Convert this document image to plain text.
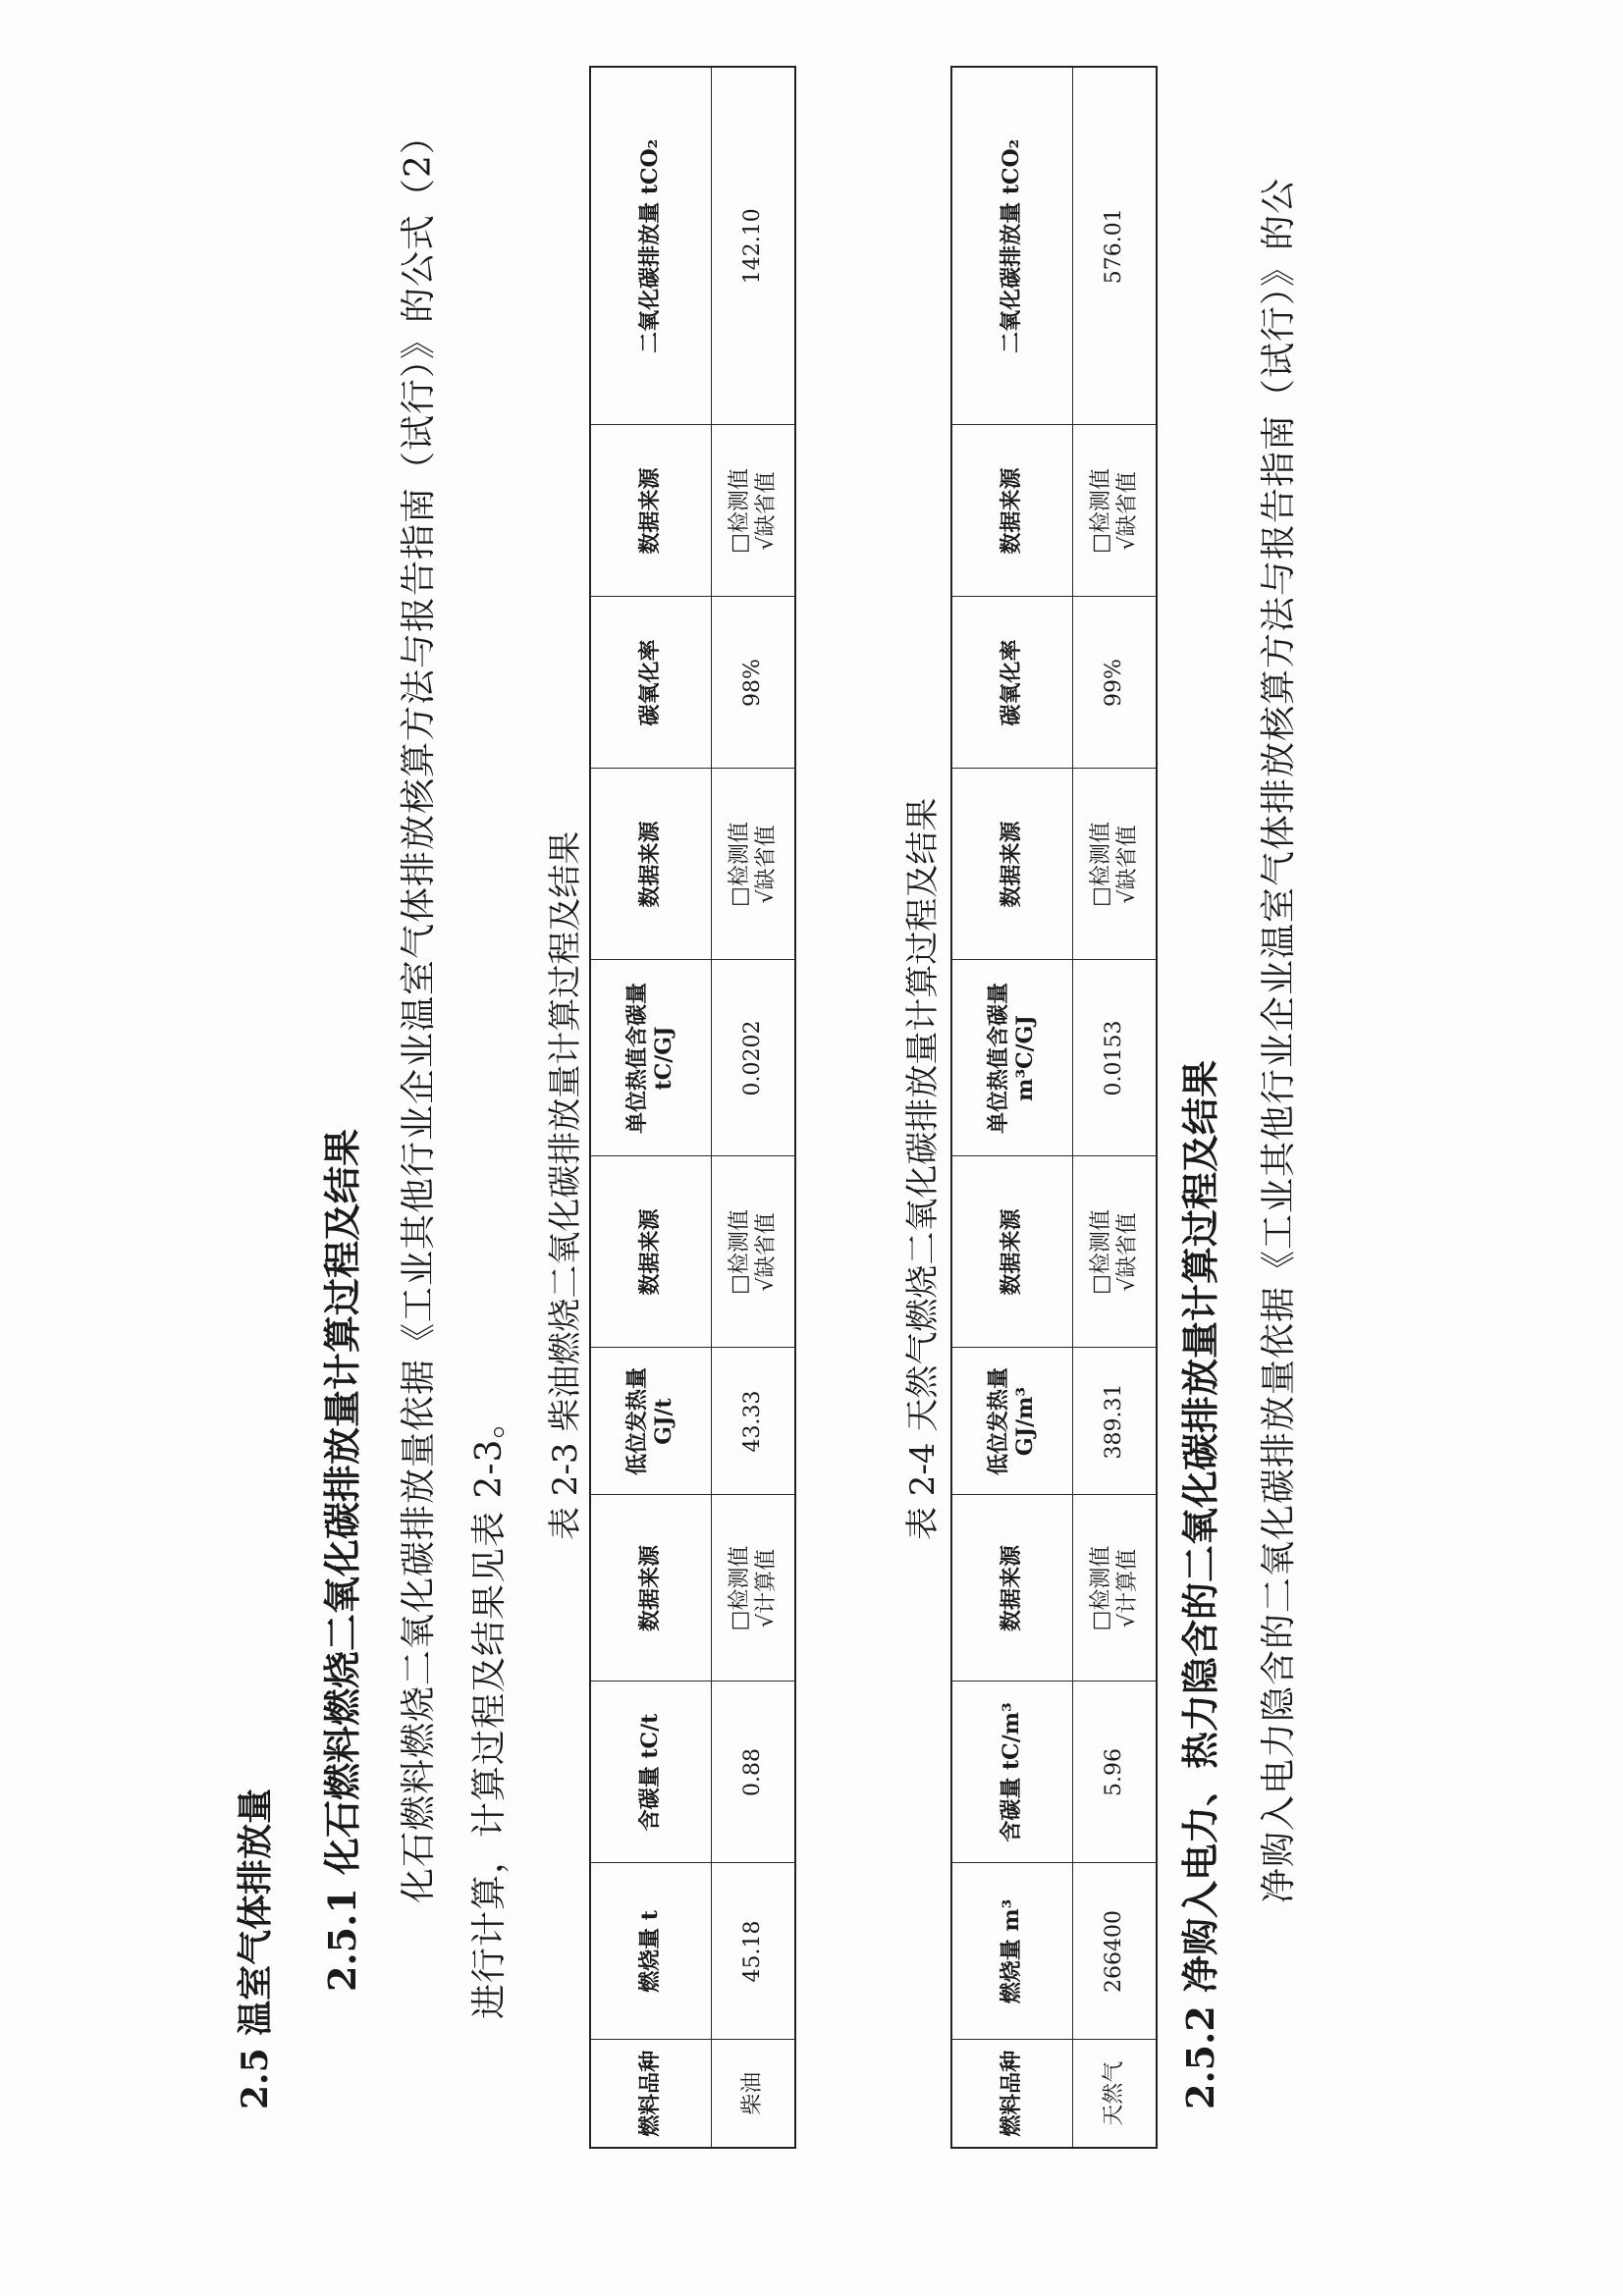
2.5 温室气体排放量 2.5.1 化石燃料燃烧二氧化碳排放量计算过程及结果 化石燃料燃烧二氧化碳排放量依据《工业其他行业企业温室气体排放核算方法与报告指南（试行）》的公式（2） 进行计算，计算过程及结果见表 2-3。
表 2-3 柴油燃烧二氧化碳排放量计算过程及结果
燃料品种	燃烧量 t	含碳量 tC/t	数据来源	低位发热量 GJ/t	数据来源	单位热值含碳量 tC/GJ	数据来源	碳氧化率	数据来源	二氧化碳排放量 tCO₂
柴油	45.18	0.88	□检测值 √计算值	43.33	□检测值 √缺省值	0.0202	□检测值 √缺省值	98%	□检测值 √缺省值	142.10
表 2-4 天然气燃烧二氧化碳排放量计算过程及结果
燃料品种	燃烧量 m³	含碳量 tC/m³	数据来源	低位发热量 GJ/m³	数据来源	单位热值含碳量 m³C/GJ	数据来源	碳氧化率	数据来源	二氧化碳排放量 tCO₂
天然气	266400	5.96	□检测值 √计算值	389.31	□检测值 √缺省值	0.0153	□检测值 √缺省值	99%	□检测值 √缺省值	576.01
2.5.2 净购入电力、热力隐含的二氧化碳排放量计算过程及结果 净购入电力隐含的二氧化碳排放量依据《工业其他行业企业温室气体排放核算方法与报告指南（试行）》的公
